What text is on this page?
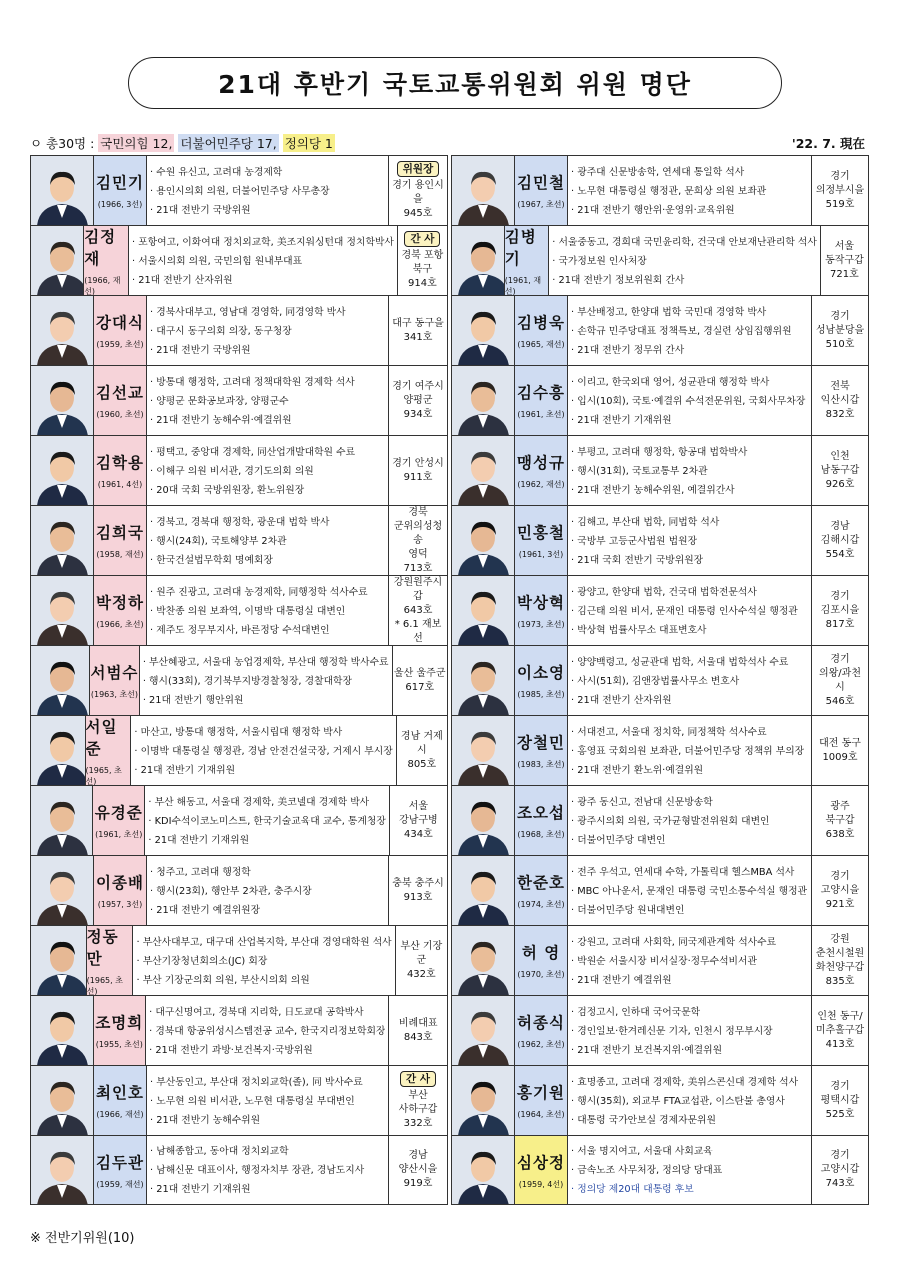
21대 후반기 국토교통위원회 위원 명단
ㅇ 총30명 :
국민의힘 12,
더불어민주당 17,
정의당 1	'22. 7. 現在
김민기
(1966, 3선)
· 수원 유신고, 고려대 농경제학
· 용인시의회 의원, 더불어민주당 사무총장
· 21대 전반기 국방위원
위원장
경기 용인시을
945호
김정재
(1966, 재선)
· 포항여고, 이화여대 정치외교학, 美조지워싱턴대 정치학박사
· 서울시의회 의원, 국민의힘 원내부대표
· 21대 전반기 산자위원
간 사
경북 포항북구
914호
강대식
(1959, 초선)
· 경북사대부고, 영남대 경영학, 同경영학 박사
· 대구시 동구의회 의장, 동구청장
· 21대 전반기 국방위원
대구 동구을
341호
김선교
(1960, 초선)
· 방통대 행정학, 고려대 정책대학원 경제학 석사
· 양평군 문화공보과장, 양평군수
· 21대 전반기 농해수위·예결위원
경기 여주시
양평군
934호
김학용
(1961, 4선)
· 평택고, 중앙대 경제학, 同산업개발대학원 수료
· 이해구 의원 비서관, 경기도의회 의원
· 20대 국회 국방위원장, 환노위원장
경기 안성시
911호
김희국
(1958, 재선)
· 경북고, 경북대 행정학, 광운대 법학 박사
· 행시(24회), 국토해양부 2차관
· 한국건설법무학회 명예회장
경북
군위의성청송
영덕
713호
박정하
(1966, 초선)
· 원주 진광고, 고려대 농경제학, 同행정학 석사수료
· 박찬종 의원 보좌역, 이명박 대통령실 대변인
· 제주도 정무부지사, 바른정당 수석대변인
강원원주시갑
643호
* 6.1 재보선
서범수
(1963, 초선)
· 부산혜광고, 서울대 농업경제학, 부산대 행정학 박사수료
· 행시(33회), 경기북부지방경찰청장, 경찰대학장
· 21대 전반기 행안위원
울산 울주군
617호
서일준
(1965, 초선)
· 마산고, 방통대 행정학, 서울시립대 행정학 박사
· 이명박 대통령실 행정관, 경남 안전건설국장, 거제시 부시장
· 21대 전반기 기재위원
경남 거제시
805호
유경준
(1961, 초선)
· 부산 해동고, 서울대 경제학, 美코넬대 경제학 박사
· KDI수석이코노미스트, 한국기술교육대 교수, 통계청장
· 21대 전반기 기재위원
서울
강남구병
434호
이종배
(1957, 3선)
· 청주고, 고려대 행정학
· 행시(23회), 행안부 2차관, 충주시장
· 21대 전반기 예결위원장
충북 충주시
913호
정동만
(1965, 초선)
· 부산사대부고, 대구대 산업복지학, 부산대 경영대학원 석사
· 부산기장청년회의소(JC) 회장
· 부산 기장군의회 의원, 부산시의회 의원
부산 기장군
432호
조명희
(1955, 초선)
· 대구신명여고, 경북대 지리학, 日도쿄대 공학박사
· 경북대 항공위성시스템전공 교수, 한국지리정보학회장
· 21대 전반기 과방·보건복지·국방위원
비례대표
843호
최인호
(1966, 재선)
· 부산동인고, 부산대 정치외교학(졸), 同 박사수료
· 노무현 의원 비서관, 노무현 대통령실 부대변인
· 21대 전반기 농해수위원
간 사
부산
사하구갑
332호
김두관
(1959, 재선)
· 남해종합고, 동아대 정치외교학
· 남해신문 대표이사, 행정자치부 장관, 경남도지사
· 21대 전반기 기재위원
경남
양산시을
919호
김민철
(1967, 초선)
· 광주대 신문방송학, 연세대 통일학 석사
· 노무현 대통령실 행정관, 문희상 의원 보좌관
· 21대 전반기 행안위·운영위·교육위원
경기
의정부시을
519호
김병기
(1961, 재선)
· 서울중동고, 경희대 국민윤리학, 건국대 안보재난관리학 석사
· 국가정보원 인사처장
· 21대 전반기 정보위원회 간사
서울
동작구갑
721호
김병욱
(1965, 재선)
· 부산배정고, 한양대 법학 국민대 경영학 박사
· 손학규 민주당대표 정책특보, 경실련 상임집행위원
· 21대 전반기 정무위 간사
경기
성남분당을
510호
김수흥
(1961, 초선)
· 이리고, 한국외대 영어, 성균관대 행정학 박사
· 입시(10회), 국토·예결위 수석전문위원, 국회사무차장
· 21대 전반기 기재위원
전북
익산시갑
832호
맹성규
(1962, 재선)
· 부평고, 고려대 행정학, 항공대 법학박사
· 행시(31회), 국토교통부 2차관
· 21대 전반기 농해수위원, 예결위간사
인천
남동구갑
926호
민홍철
(1961, 3선)
· 김해고, 부산대 법학, 同법학 석사
· 국방부 고등군사법원 법원장
· 21대 국회 전반기 국방위원장
경남
김해시갑
554호
박상혁
(1973, 초선)
· 광양고, 한양대 법학, 건국대 법학전문석사
· 김근태 의원 비서, 문재인 대통령 인사수석실 행정관
· 박상혁 법률사무소 대표변호사
경기
김포시을
817호
이소영
(1985, 초선)
· 양양백령고, 성균관대 법학, 서울대 법학석사 수료
· 사시(51회), 김앤장법률사무소 변호사
· 21대 전반기 산자위원
경기
의왕/과천
시
546호
장철민
(1983, 초선)
· 서대전고, 서울대 정치학, 同정책학 석사수료
· 홍영표 국회의원 보좌관, 더불어민주당 정책위 부의장
· 21대 전반기 환노위·예결위원
대전 동구
1009호
조오섭
(1968, 초선)
· 광주 동신고, 전남대 신문방송학
· 광주시의회 의원, 국가균형발전위원회 대변인
· 더불어민주당 대변인
광주
북구갑
638호
한준호
(1974, 초선)
· 전주 우석고, 연세대 수학, 가톨릭대 헬스MBA 석사
· MBC 아나운서, 문재인 대통령 국민소통수석실 행정관
· 더불어민주당 원내대변인
경기
고양시을
921호
허 영
(1970, 초선)
· 강원고, 고려대 사회학, 同국제관계학 석사수료
· 박원순 서울시장 비서실장·정무수석비서관
· 21대 전반기 예결위원
강원
춘천시철원화천양구갑
835호
허종식
(1962, 초선)
· 검정고시, 인하대 국어국문학
· 경인일보·한겨레신문 기자, 인천시 정무부시장
· 21대 전반기 보건복지위·예결위원
인천 동구/
미추홀구갑
413호
홍기원
(1964, 초선)
· 효명종고, 고려대 경제학, 美위스콘신대 경제학 석사
· 행시(35회), 외교부 FTA교섭관, 이스탄불 총영사
· 대통령 국가안보실 경제자문위원
경기
평택시갑
525호
심상정
(1959, 4선)
· 서울 명지여고, 서울대 사회교육
· 금속노조 사무처장, 정의당 당대표
· 정의당 제20대 대통령 후보
경기
고양시갑
743호
※ 전반기위원(10)
